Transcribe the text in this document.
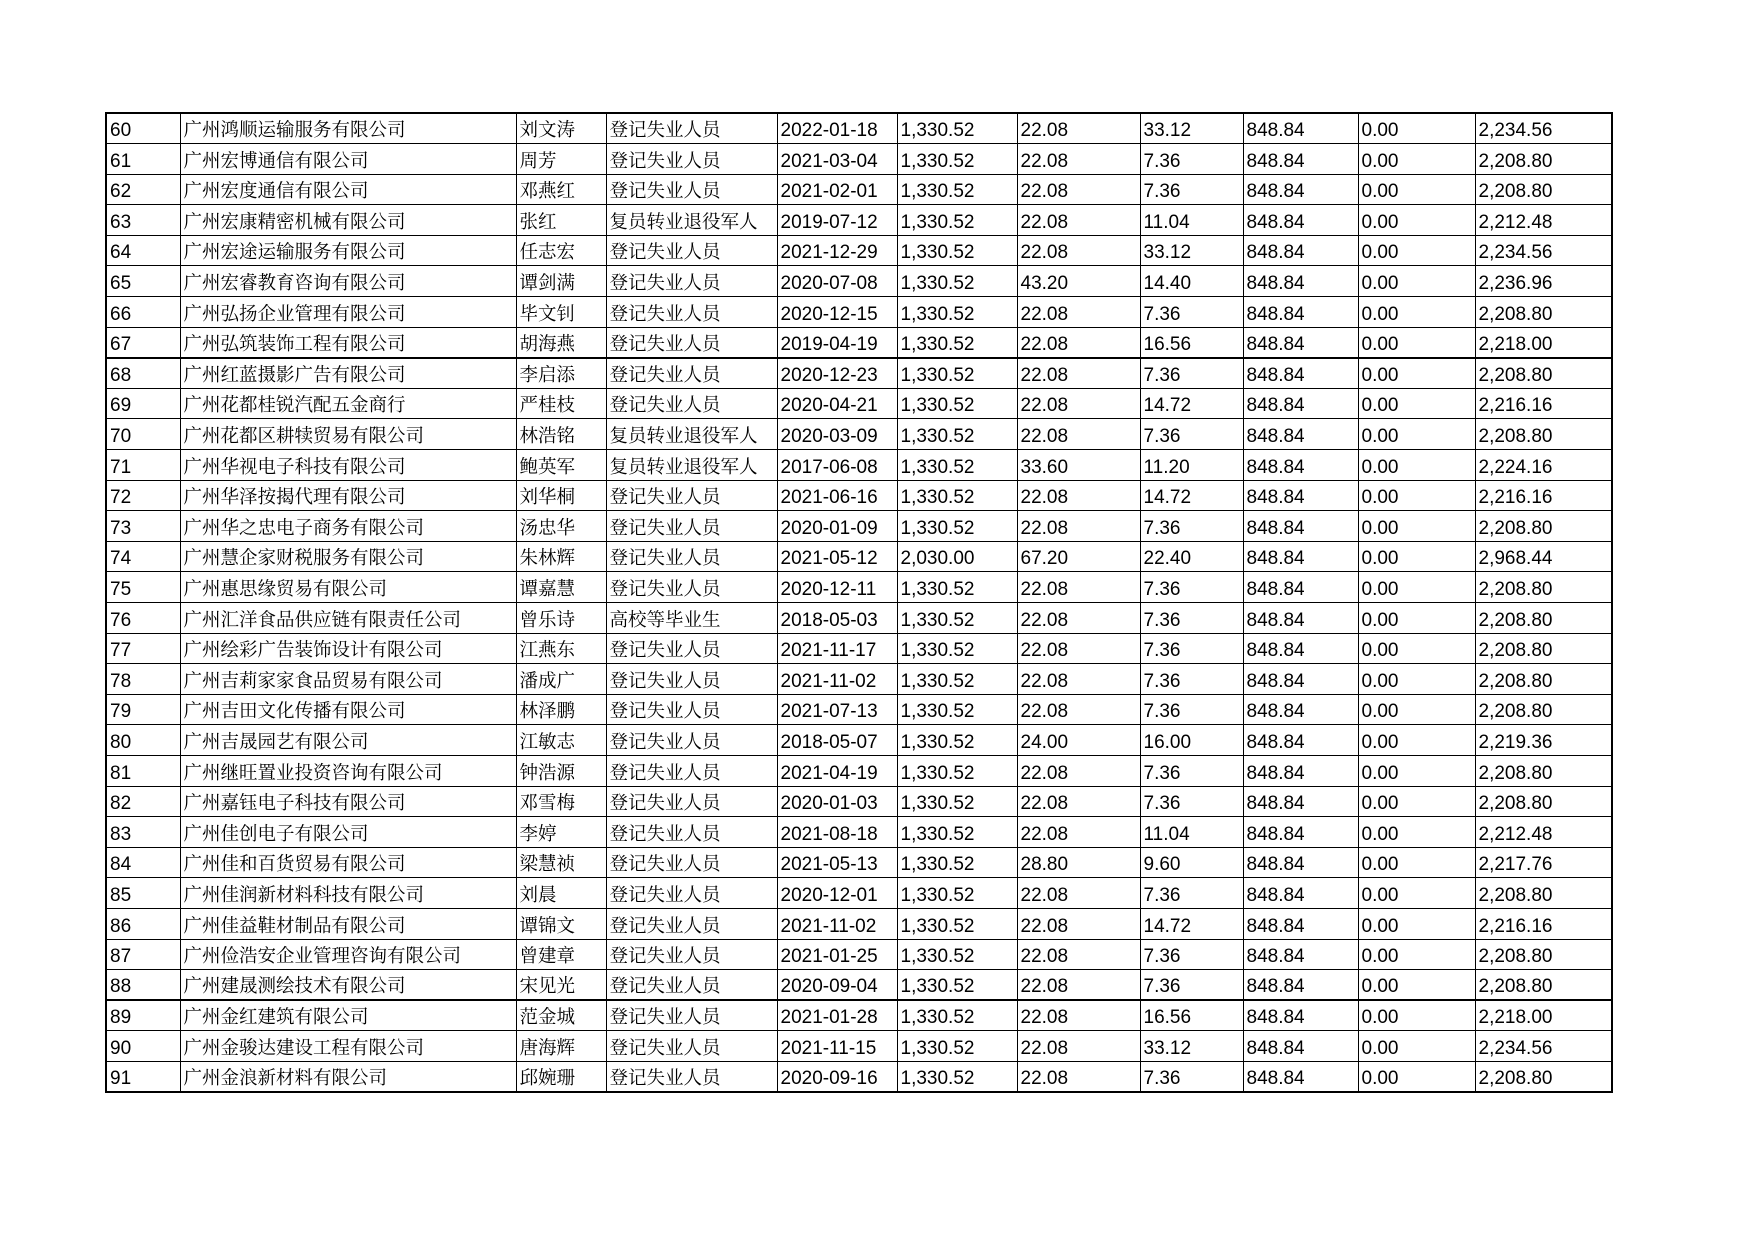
60	广州鸿顺运输服务有限公司	刘文涛	登记失业人员	2022-01-18	1,330.52	22.08	33.12	848.84	0.00	2,234.56
61	广州宏博通信有限公司	周芳	登记失业人员	2021-03-04	1,330.52	22.08	7.36	848.84	0.00	2,208.80
62	广州宏度通信有限公司	邓燕红	登记失业人员	2021-02-01	1,330.52	22.08	7.36	848.84	0.00	2,208.80
63	广州宏康精密机械有限公司	张红	复员转业退役军人	2019-07-12	1,330.52	22.08	11.04	848.84	0.00	2,212.48
64	广州宏途运输服务有限公司	任志宏	登记失业人员	2021-12-29	1,330.52	22.08	33.12	848.84	0.00	2,234.56
65	广州宏睿教育咨询有限公司	谭剑满	登记失业人员	2020-07-08	1,330.52	43.20	14.40	848.84	0.00	2,236.96
66	广州弘扬企业管理有限公司	毕文钊	登记失业人员	2020-12-15	1,330.52	22.08	7.36	848.84	0.00	2,208.80
67	广州弘筑装饰工程有限公司	胡海燕	登记失业人员	2019-04-19	1,330.52	22.08	16.56	848.84	0.00	2,218.00
68	广州红蓝摄影广告有限公司	李启添	登记失业人员	2020-12-23	1,330.52	22.08	7.36	848.84	0.00	2,208.80
69	广州花都桂锐汽配五金商行	严桂枝	登记失业人员	2020-04-21	1,330.52	22.08	14.72	848.84	0.00	2,216.16
70	广州花都区耕犊贸易有限公司	林浩铭	复员转业退役军人	2020-03-09	1,330.52	22.08	7.36	848.84	0.00	2,208.80
71	广州华视电子科技有限公司	鲍英军	复员转业退役军人	2017-06-08	1,330.52	33.60	11.20	848.84	0.00	2,224.16
72	广州华泽按揭代理有限公司	刘华桐	登记失业人员	2021-06-16	1,330.52	22.08	14.72	848.84	0.00	2,216.16
73	广州华之忠电子商务有限公司	汤忠华	登记失业人员	2020-01-09	1,330.52	22.08	7.36	848.84	0.00	2,208.80
74	广州慧企家财税服务有限公司	朱林辉	登记失业人员	2021-05-12	2,030.00	67.20	22.40	848.84	0.00	2,968.44
75	广州惠思缘贸易有限公司	谭嘉慧	登记失业人员	2020-12-11	1,330.52	22.08	7.36	848.84	0.00	2,208.80
76	广州汇洋食品供应链有限责任公司	曾乐诗	高校等毕业生	2018-05-03	1,330.52	22.08	7.36	848.84	0.00	2,208.80
77	广州绘彩广告装饰设计有限公司	江燕东	登记失业人员	2021-11-17	1,330.52	22.08	7.36	848.84	0.00	2,208.80
78	广州吉莉家家食品贸易有限公司	潘成广	登记失业人员	2021-11-02	1,330.52	22.08	7.36	848.84	0.00	2,208.80
79	广州吉田文化传播有限公司	林泽鹏	登记失业人员	2021-07-13	1,330.52	22.08	7.36	848.84	0.00	2,208.80
80	广州吉晟园艺有限公司	江敏志	登记失业人员	2018-05-07	1,330.52	24.00	16.00	848.84	0.00	2,219.36
81	广州继旺置业投资咨询有限公司	钟浩源	登记失业人员	2021-04-19	1,330.52	22.08	7.36	848.84	0.00	2,208.80
82	广州嘉钰电子科技有限公司	邓雪梅	登记失业人员	2020-01-03	1,330.52	22.08	7.36	848.84	0.00	2,208.80
83	广州佳创电子有限公司	李婷	登记失业人员	2021-08-18	1,330.52	22.08	11.04	848.84	0.00	2,212.48
84	广州佳和百货贸易有限公司	梁慧祯	登记失业人员	2021-05-13	1,330.52	28.80	9.60	848.84	0.00	2,217.76
85	广州佳润新材料科技有限公司	刘晨	登记失业人员	2020-12-01	1,330.52	22.08	7.36	848.84	0.00	2,208.80
86	广州佳益鞋材制品有限公司	谭锦文	登记失业人员	2021-11-02	1,330.52	22.08	14.72	848.84	0.00	2,216.16
87	广州俭浩安企业管理咨询有限公司	曾建章	登记失业人员	2021-01-25	1,330.52	22.08	7.36	848.84	0.00	2,208.80
88	广州建晟测绘技术有限公司	宋见光	登记失业人员	2020-09-04	1,330.52	22.08	7.36	848.84	0.00	2,208.80
89	广州金红建筑有限公司	范金城	登记失业人员	2021-01-28	1,330.52	22.08	16.56	848.84	0.00	2,218.00
90	广州金骏达建设工程有限公司	唐海辉	登记失业人员	2021-11-15	1,330.52	22.08	33.12	848.84	0.00	2,234.56
91	广州金浪新材料有限公司	邱婉珊	登记失业人员	2020-09-16	1,330.52	22.08	7.36	848.84	0.00	2,208.80
